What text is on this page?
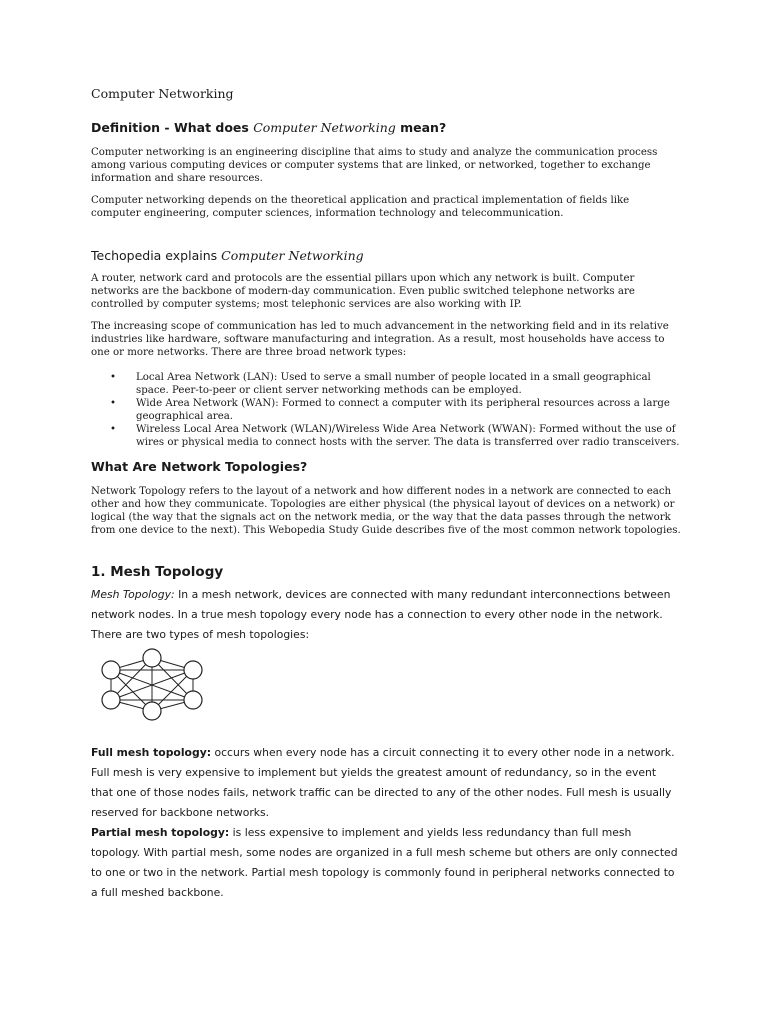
Computer Networking

Definition - What does Computer Networking mean?

Computer networking is an engineering discipline that aims to study and analyze the communication process among various computing devices or computer systems that are linked, or networked, together to exchange information and share resources.

Computer networking depends on the theoretical application and practical implementation of fields like computer engineering, computer sciences, information technology and telecommunication.

Techopedia explains Computer Networking

A router, network card and protocols are the essential pillars upon which any network is built. Computer networks are the backbone of modern-day communication. Even public switched telephone networks are controlled by computer systems; most telephonic services are also working with IP.

The increasing scope of communication has led to much advancement in the networking field and in its relative industries like hardware, software manufacturing and integration. As a result, most households have access to one or more networks. There are three broad network types:

• Local Area Network (LAN): Used to serve a small number of people located in a small geographical space. Peer-to-peer or client server networking methods can be employed.
• Wide Area Network (WAN): Formed to connect a computer with its peripheral resources across a large geographical area.
• Wireless Local Area Network (WLAN)/Wireless Wide Area Network (WWAN): Formed without the use of wires or physical media to connect hosts with the server. The data is transferred over radio transceivers.

What Are Network Topologies?

Network Topology refers to the layout of a network and how different nodes in a network are connected to each other and how they communicate. Topologies are either physical (the physical layout of devices on a network) or logical (the way that the signals act on the network media, or the way that the data passes through the network from one device to the next). This Webopedia Study Guide describes five of the most common network topologies.

1. Mesh Topology

Mesh Topology: In a mesh network, devices are connected with many redundant interconnections between network nodes. In a true mesh topology every node has a connection to every other node in the network.

There are two types of mesh topologies:

Full mesh topology: occurs when every node has a circuit connecting it to every other node in a network. Full mesh is very expensive to implement but yields the greatest amount of redundancy, so in the event that one of those nodes fails, network traffic can be directed to any of the other nodes. Full mesh is usually reserved for backbone networks.

Partial mesh topology: is less expensive to implement and yields less redundancy than full mesh topology. With partial mesh, some nodes are organized in a full mesh scheme but others are only connected to one or two in the network. Partial mesh topology is commonly found in peripheral networks connected to a full meshed backbone.
